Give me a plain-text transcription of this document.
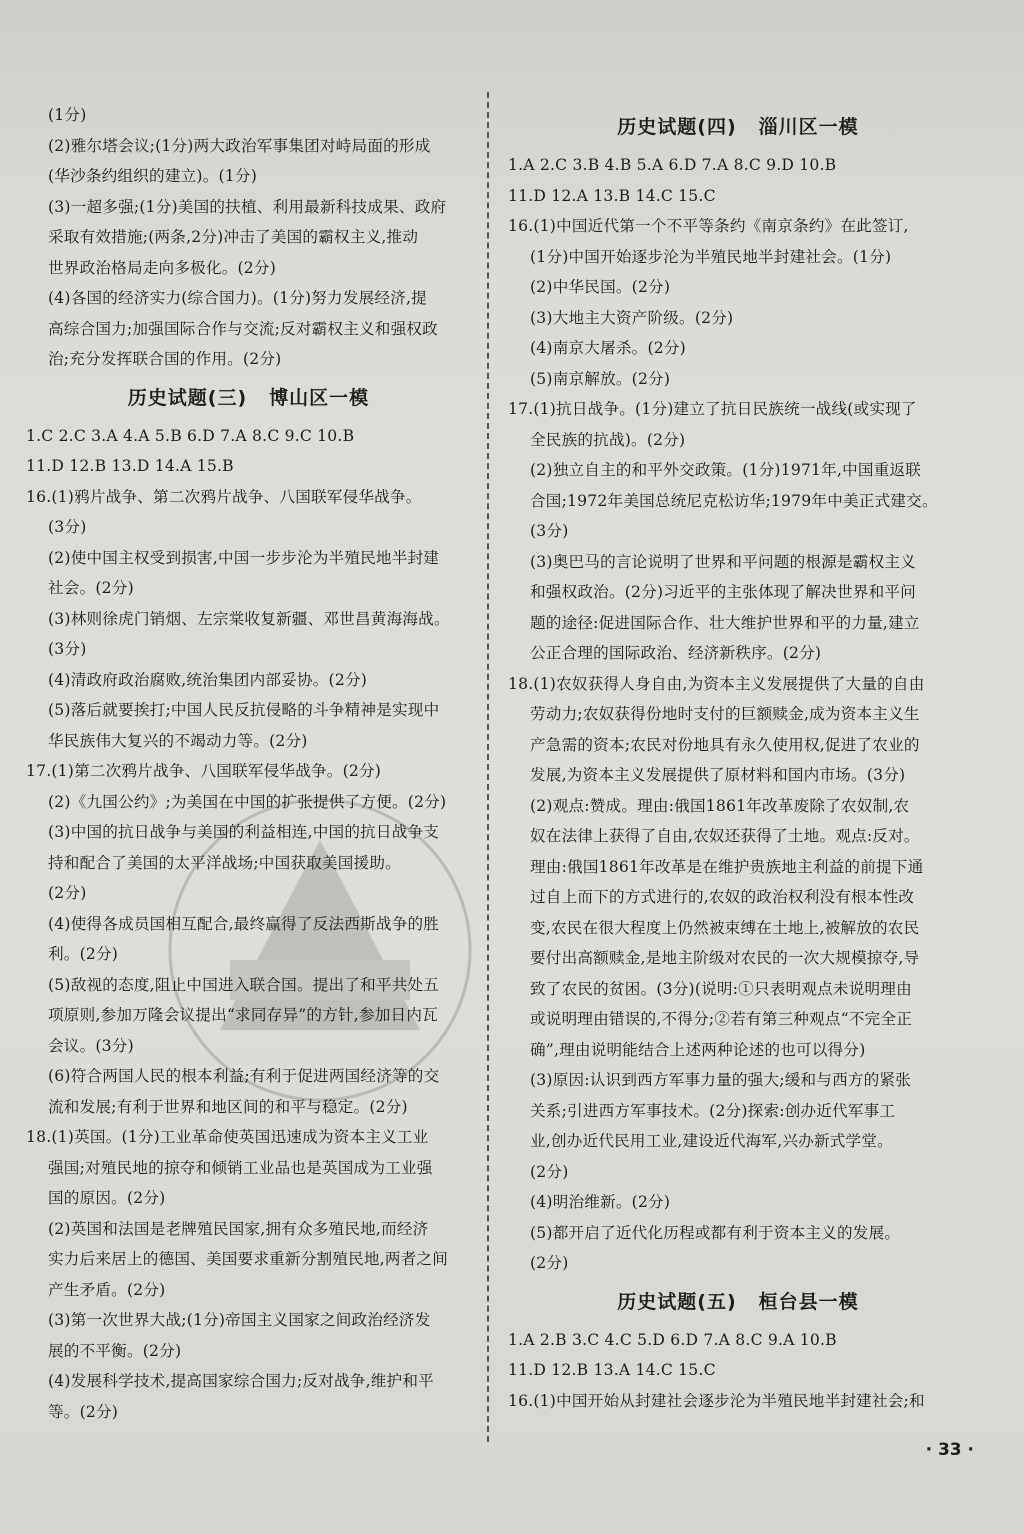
(1分)
(2)雅尔塔会议;(1分)两大政治军事集团对峙局面的形成
(华沙条约组织的建立)。(1分)
(3)一超多强;(1分)美国的扶植、利用最新科技成果、政府
采取有效措施;(两条,2分)冲击了美国的霸权主义,推动
世界政治格局走向多极化。(2分)
(4)各国的经济实力(综合国力)。(1分)努力发展经济,提
高综合国力;加强国际合作与交流;反对霸权主义和强权政
治;充分发挥联合国的作用。(2分)
历史试题(三) 博山区一模
1.C 2.C 3.A 4.A 5.B 6.D 7.A 8.C 9.C 10.B
11.D 12.B 13.D 14.A 15.B
16.(1)鸦片战争、第二次鸦片战争、八国联军侵华战争。
(3分)
(2)使中国主权受到损害,中国一步步沦为半殖民地半封建
社会。(2分)
(3)林则徐虎门销烟、左宗棠收复新疆、邓世昌黄海海战。
(3分)
(4)清政府政治腐败,统治集团内部妥协。(2分)
(5)落后就要挨打;中国人民反抗侵略的斗争精神是实现中
华民族伟大复兴的不竭动力等。(2分)
17.(1)第二次鸦片战争、八国联军侵华战争。(2分)
(2)《九国公约》;为美国在中国的扩张提供了方便。(2分)
(3)中国的抗日战争与美国的利益相连,中国的抗日战争支
持和配合了美国的太平洋战场;中国获取美国援助。
(2分)
(4)使得各成员国相互配合,最终赢得了反法西斯战争的胜
利。(2分)
(5)敌视的态度,阻止中国进入联合国。提出了和平共处五
项原则,参加万隆会议提出“求同存异”的方针,参加日内瓦
会议。(3分)
(6)符合两国人民的根本利益;有利于促进两国经济等的交
流和发展;有利于世界和地区间的和平与稳定。(2分)
18.(1)英国。(1分)工业革命使英国迅速成为资本主义工业
强国;对殖民地的掠夺和倾销工业品也是英国成为工业强
国的原因。(2分)
(2)英国和法国是老牌殖民国家,拥有众多殖民地,而经济
实力后来居上的德国、美国要求重新分割殖民地,两者之间
产生矛盾。(2分)
(3)第一次世界大战;(1分)帝国主义国家之间政治经济发
展的不平衡。(2分)
(4)发展科学技术,提高国家综合国力;反对战争,维护和平
等。(2分)
历史试题(四) 淄川区一模
1.A 2.C 3.B 4.B 5.A 6.D 7.A 8.C 9.D 10.B
11.D 12.A 13.B 14.C 15.C
16.(1)中国近代第一个不平等条约《南京条约》在此签订,
(1分)中国开始逐步沦为半殖民地半封建社会。(1分)
(2)中华民国。(2分)
(3)大地主大资产阶级。(2分)
(4)南京大屠杀。(2分)
(5)南京解放。(2分)
17.(1)抗日战争。(1分)建立了抗日民族统一战线(或实现了
全民族的抗战)。(2分)
(2)独立自主的和平外交政策。(1分)1971年,中国重返联
合国;1972年美国总统尼克松访华;1979年中美正式建交。
(3分)
(3)奥巴马的言论说明了世界和平问题的根源是霸权主义
和强权政治。(2分)习近平的主张体现了解决世界和平问
题的途径:促进国际合作、壮大维护世界和平的力量,建立
公正合理的国际政治、经济新秩序。(2分)
18.(1)农奴获得人身自由,为资本主义发展提供了大量的自由
劳动力;农奴获得份地时支付的巨额赎金,成为资本主义生
产急需的资本;农民对份地具有永久使用权,促进了农业的
发展,为资本主义发展提供了原材料和国内市场。(3分)
(2)观点:赞成。理由:俄国1861年改革废除了农奴制,农
奴在法律上获得了自由,农奴还获得了土地。观点:反对。
理由:俄国1861年改革是在维护贵族地主利益的前提下通
过自上而下的方式进行的,农奴的政治权利没有根本性改
变,农民在很大程度上仍然被束缚在土地上,被解放的农民
要付出高额赎金,是地主阶级对农民的一次大规模掠夺,导
致了农民的贫困。(3分)(说明:①只表明观点未说明理由
或说明理由错误的,不得分;②若有第三种观点“不完全正
确”,理由说明能结合上述两种论述的也可以得分)
(3)原因:认识到西方军事力量的强大;缓和与西方的紧张
关系;引进西方军事技术。(2分)探索:创办近代军事工
业,创办近代民用工业,建设近代海军,兴办新式学堂。
(2分)
(4)明治维新。(2分)
(5)都开启了近代化历程或都有利于资本主义的发展。
(2分)
历史试题(五) 桓台县一模
1.A 2.B 3.C 4.C 5.D 6.D 7.A 8.C 9.A 10.B
11.D 12.B 13.A 14.C 15.C
16.(1)中国开始从封建社会逐步沦为半殖民地半封建社会;和
· 33 ·
